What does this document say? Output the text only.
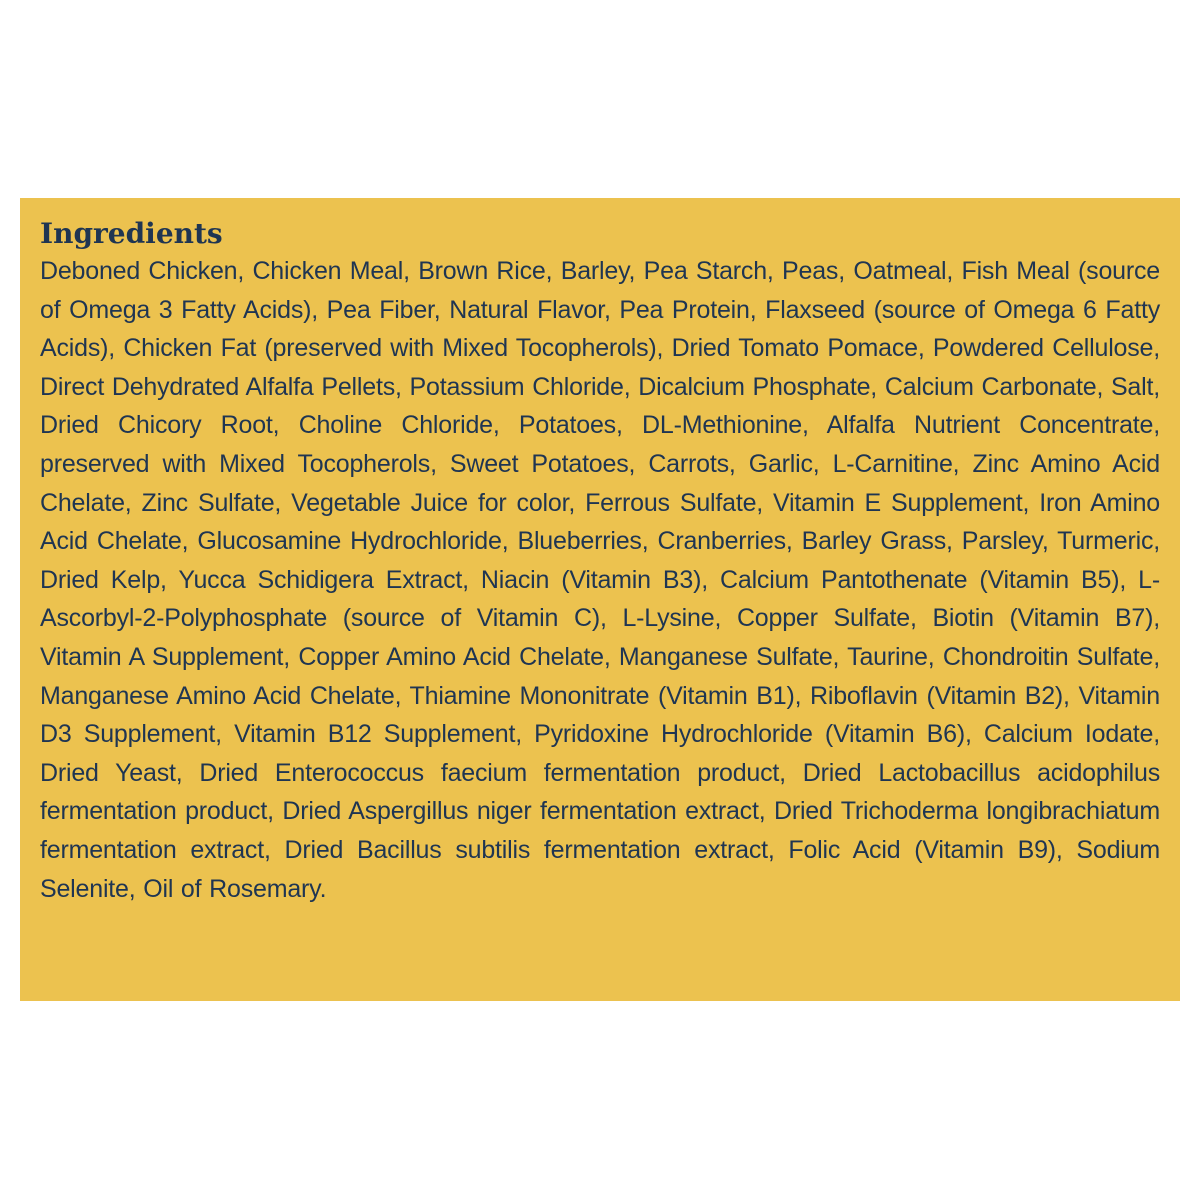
Ingredients

Deboned Chicken, Chicken Meal, Brown Rice, Barley, Pea Starch, Peas, Oatmeal, Fish Meal (source of Omega 3 Fatty Acids), Pea Fiber, Natural Flavor, Pea Protein, Flaxseed (source of Omega 6 Fatty Acids), Chicken Fat (preserved with Mixed Tocopherols), Dried Tomato Pomace, Powdered Cellulose, Direct Dehydrated Alfalfa Pellets, Potassium Chloride, Dicalcium Phosphate, Calcium Carbonate, Salt, Dried Chicory Root, Choline Chloride, Potatoes, DL-Methionine, Alfalfa Nutrient Concentrate, preserved with Mixed Tocopherols, Sweet Potatoes, Carrots, Garlic, L-Carnitine, Zinc Amino Acid Chelate, Zinc Sulfate, Vegetable Juice for color, Ferrous Sulfate, Vitamin E Supplement, Iron Amino Acid Chelate, Glucosamine Hydrochloride, Blueberries, Cranberries, Barley Grass, Parsley, Turmeric, Dried Kelp, Yucca Schidigera Extract, Niacin (Vitamin B3), Calcium Pantothenate (Vitamin B5), L-Ascorbyl-2-Polyphosphate (source of Vitamin C), L-Lysine, Copper Sulfate, Biotin (Vitamin B7), Vitamin A Supplement, Copper Amino Acid Chelate, Manganese Sulfate, Taurine, Chondroitin Sulfate, Manganese Amino Acid Chelate, Thiamine Mononitrate (Vitamin B1), Riboflavin (Vitamin B2), Vitamin D3 Supplement, Vitamin B12 Supplement, Pyridoxine Hydrochloride (Vitamin B6), Calcium Iodate, Dried Yeast, Dried Enterococcus faecium fermentation product, Dried Lactobacillus acidophilus fermentation product, Dried Aspergillus niger fermentation extract, Dried Trichoderma longibrachiatum fermentation extract, Dried Bacillus subtilis fermentation extract, Folic Acid (Vitamin B9), Sodium Selenite, Oil of Rosemary.
